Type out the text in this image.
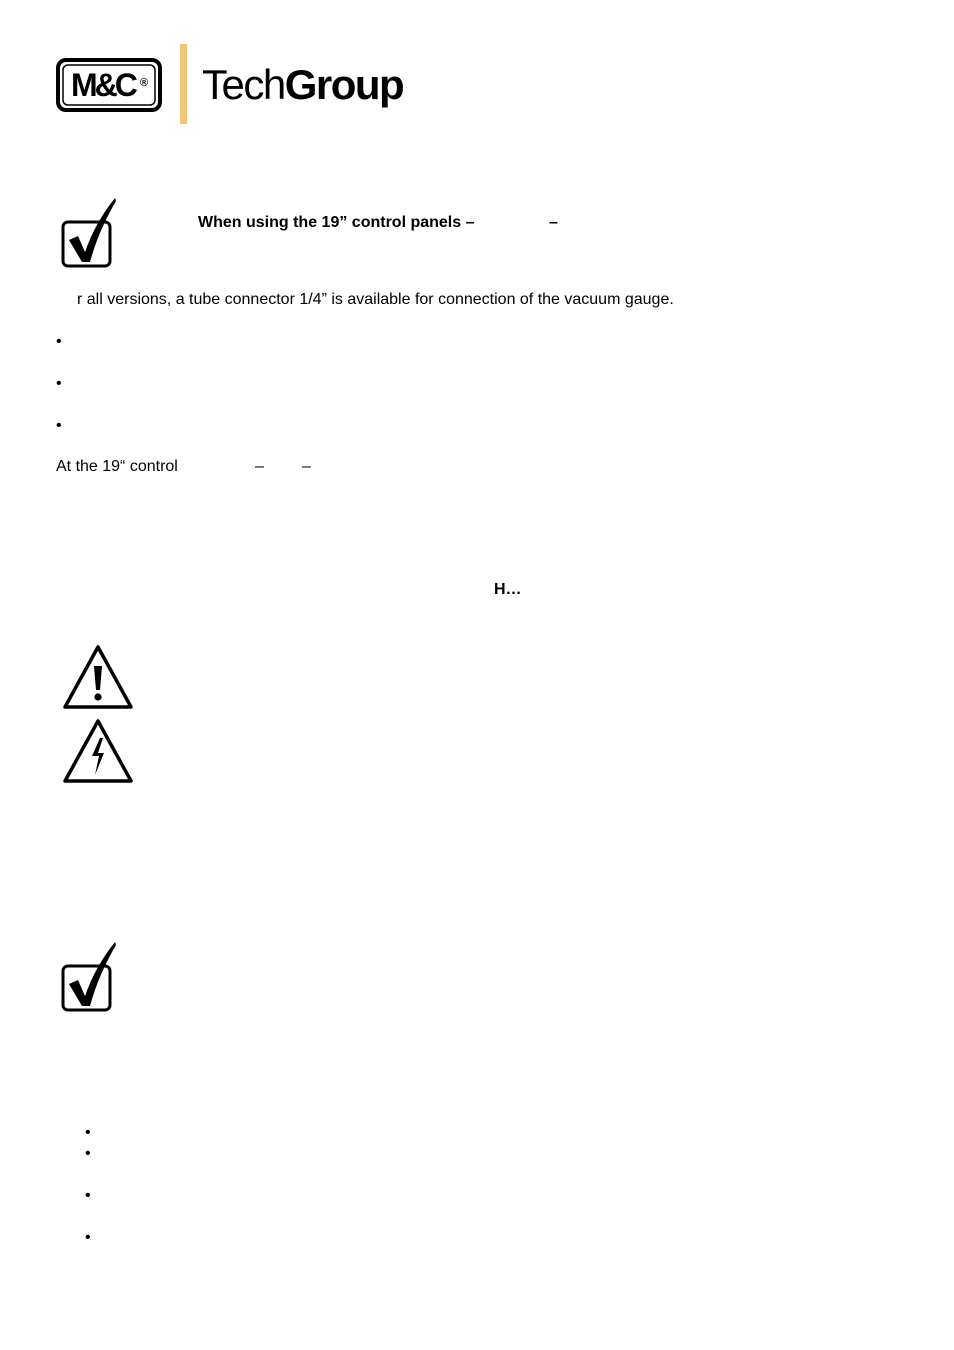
M&C ® TechGroup
When using the 19” control panels –	–
r all versions, a tube connector 1/4” is available for connection of the vacuum gauge.
•
•
•
At the 19“ control	– –
H…
•
•
•
•
